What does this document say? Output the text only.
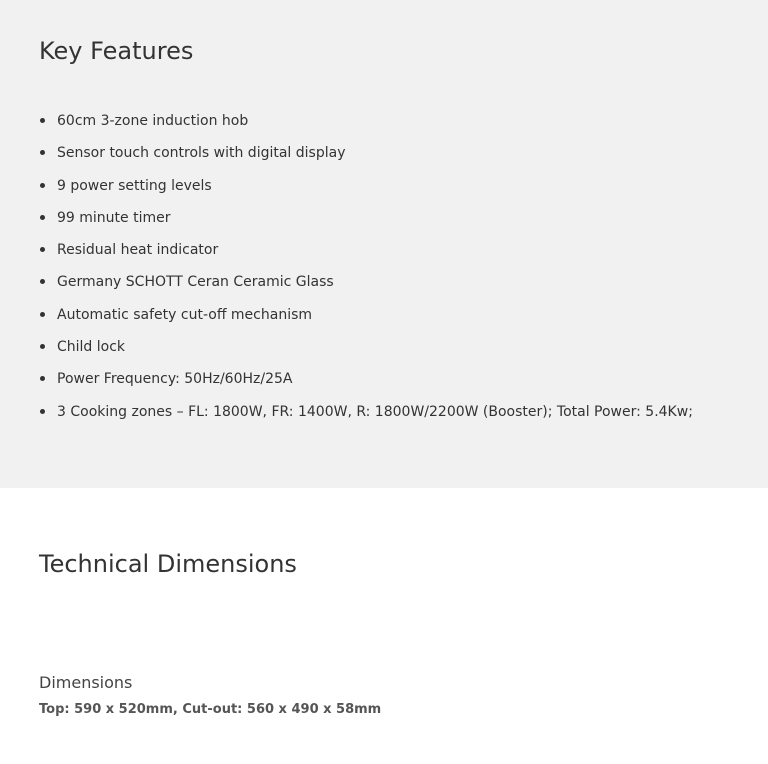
Key Features
60cm 3-zone induction hob
Sensor touch controls with digital display
9 power setting levels
99 minute timer
Residual heat indicator
Germany SCHOTT Ceran Ceramic Glass
Automatic safety cut-off mechanism
Child lock
Power Frequency: 50Hz/60Hz/25A
3 Cooking zones – FL: 1800W, FR: 1400W, R: 1800W/2200W (Booster); Total Power: 5.4Kw;
Technical Dimensions
Dimensions
Top: 590 x 520mm, Cut-out: 560 x 490 x 58mm
